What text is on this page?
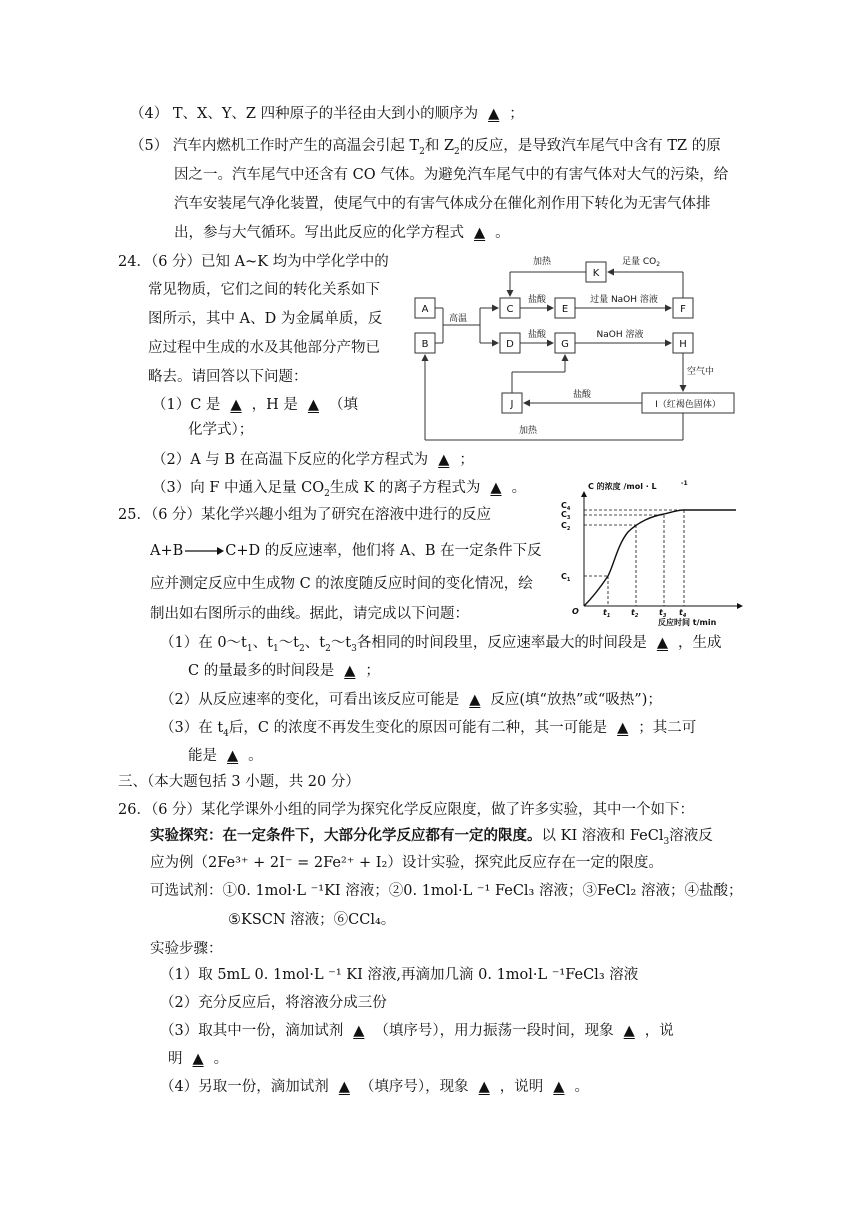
（4） T、X、Y、Z 四种原子的半径由大到小的顺序为 ▲ ；
（5） 汽车内燃机工作时产生的高温会引起 $T_2$和 $Z_2$的反应，是导致汽车尾气中含有 TZ 的原
因之一。汽车尾气中还含有 CO 气体。为避免汽车尾气中的有害气体对大气的污染，给
汽车安装尾气净化装置，使尾气中的有害气体成分在催化剂作用下转化为无害气体排
出，参与大气循环。写出此反应的化学方程式 ▲ 。
24．（6 分）已知 A~K 均为中学化学中的
常见物质，它们之间的转化关系如下
图所示，其中 A、D 为金属单质，反
应过程中生成的水及其他部分产物已
略去。请回答以下问题：
（1）C 是 ▲ ，H 是 ▲ （填
化学式）；
（2）A 与 B 在高温下反应的化学方程式为 ▲ ；
（3）向 F 中通入足量 $CO_2$生成 K 的离子方程式为 ▲ 。
A
B
C	E	F
K
D	G	H
J	I（红褐色固体）
加热	足量 $CO_2$
高温
盐酸	过量 NaOH 溶液
盐酸	NaOH 溶液
空气中
盐酸
加热
25．（6 分）某化学兴趣小组为了研究在溶液中进行的反应
A+B→C+D 的反应速率，他们将 A、B 在一定条件下反
应并测定反应中生成物 C 的浓度随反应时间的变化情况，绘
制出如右图所示的曲线。据此，请完成以下问题：
（1）在 $0\sim t_1$、$t_1\sim t_2$、$t_2\sim t_3$各相同的时间段里，反应速率最大的时间段是 ▲ ，生成
C 的量最多的时间段是 ▲ ；
（2）从反应速率的变化，可看出该反应可能是 ▲ 反应(填“放热”或“吸热”)；
（3）在 $t_4$后，C 的浓度不再发生变化的原因可能有二种，其一可能是 ▲ ；其二可
能是 ▲ 。
C 的浓度 /mol · L	-1
$C_4$
$C_3$
$C_2$
$C_1$
O	$t_1$	$t_2$	$t_3$ $t_4$
反应时间 t/min
三、（本大题包括 3 小题，共 20 分）
26．（6 分）某化学课外小组的同学为探究化学反应限度，做了许多实验，其中一个如下：
实验探究：在一定条件下，大部分化学反应都有一定的限度。以 KI 溶液和 FeCl$_3$溶液反
应为例（2Fe³⁺ + 2I⁻ = 2Fe²⁺ + I₂）设计实验，探究此反应存在一定的限度。
可选试剂：①0. 1mol·L ⁻¹KI 溶液；②0. 1mol·L ⁻¹ FeCl₃ 溶液；③FeCl₂ 溶液；④盐酸；
⑤KSCN 溶液；⑥CCl₄。
实验步骤：
（1）取 5mL 0. 1mol·L ⁻¹ KI 溶液,再滴加几滴 0. 1mol·L ⁻¹FeCl₃ 溶液
（2）充分反应后，将溶液分成三份
（3）取其中一份，滴加试剂 ▲ （填序号），用力振荡一段时间，现象 ▲ ，说
明 ▲ 。
（4）另取一份，滴加试剂 ▲ （填序号），现象 ▲ ，说明 ▲ 。
